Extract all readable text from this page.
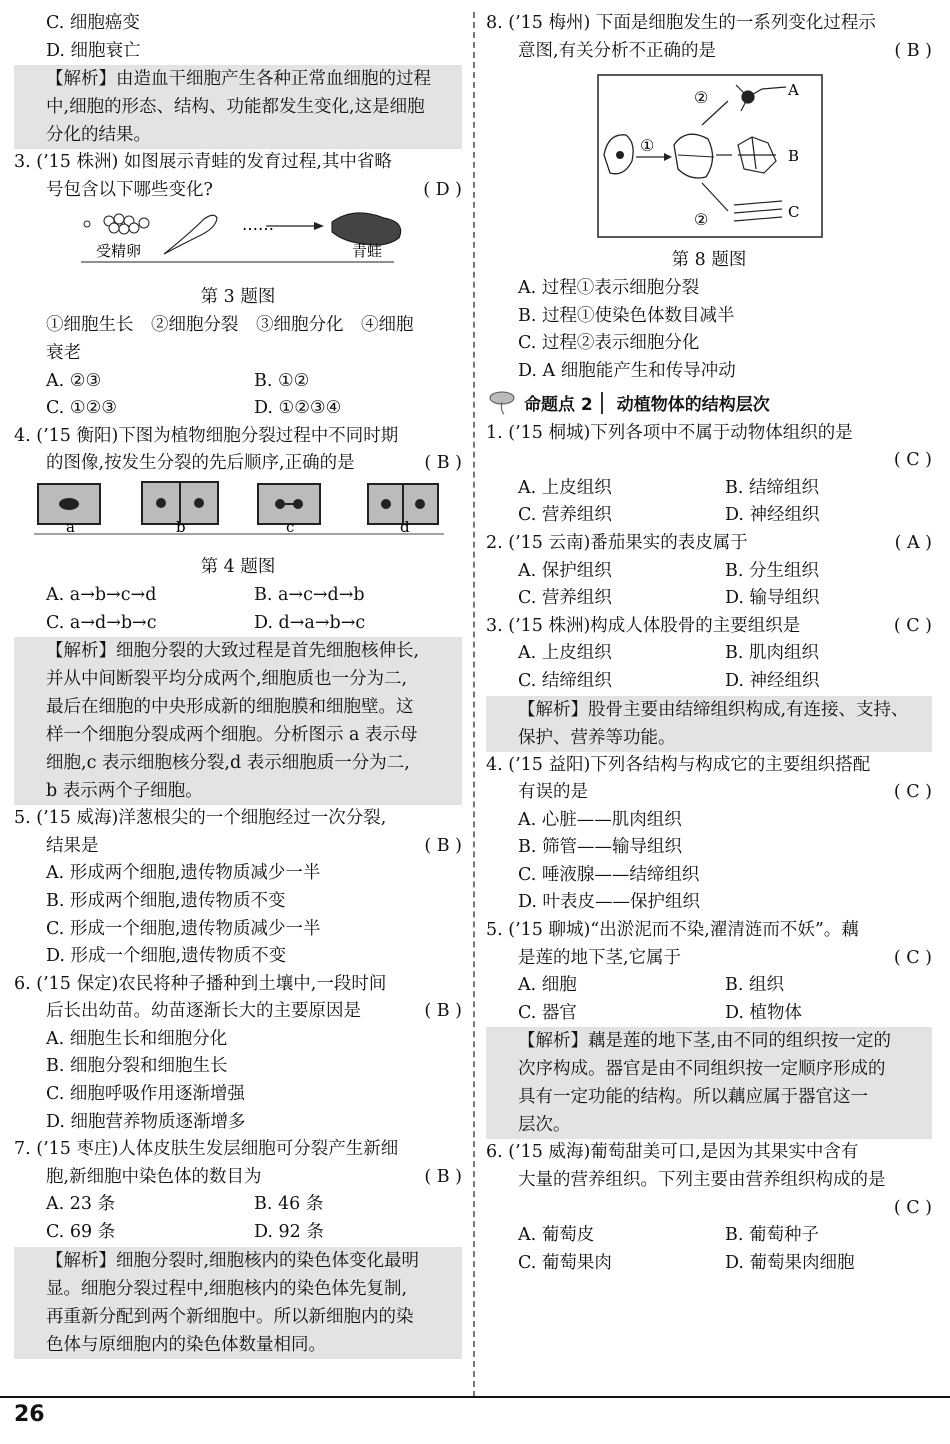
C. 细胞癌变
D. 细胞衰亡
【解析】由造血干细胞产生各种正常血细胞的过程
中,细胞的形态、结构、功能都发生变化,这是细胞
分化的结果。
3. (’15 株洲) 如图展示青蛙的发育过程,其中省略
号包含以下哪些变化?	( D )
……
受精卵	青蛙
第 3 题图
①细胞生长　②细胞分裂　③细胞分化　④细胞
衰老
A. ②③	B. ①②
C. ①②③	D. ①②③④
4. (’15 衡阳)下图为植物细胞分裂过程中不同时期
的图像,按发生分裂的先后顺序,正确的是	( B )
a	b	c	d
第 4 题图
A. a→b→c→d	B. a→c→d→b
C. a→d→b→c	D. d→a→b→c
【解析】细胞分裂的大致过程是首先细胞核伸长,
并从中间断裂平均分成两个,细胞质也一分为二,
最后在细胞的中央形成新的细胞膜和细胞壁。这
样一个细胞分裂成两个细胞。分析图示 a 表示母
细胞,c 表示细胞核分裂,d 表示细胞质一分为二,
b 表示两个子细胞。
5. (’15 威海)洋葱根尖的一个细胞经过一次分裂,
结果是	( B )
A. 形成两个细胞,遗传物质减少一半
B. 形成两个细胞,遗传物质不变
C. 形成一个细胞,遗传物质减少一半
D. 形成一个细胞,遗传物质不变
6. (’15 保定)农民将种子播种到土壤中,一段时间
后长出幼苗。幼苗逐渐长大的主要原因是	( B )
A. 细胞生长和细胞分化
B. 细胞分裂和细胞生长
C. 细胞呼吸作用逐渐增强
D. 细胞营养物质逐渐增多
7. (’15 枣庄)人体皮肤生发层细胞可分裂产生新细
胞,新细胞中染色体的数目为	( B )
A. 23 条	B. 46 条
C. 69 条	D. 92 条
【解析】细胞分裂时,细胞核内的染色体变化最明
显。细胞分裂过程中,细胞核内的染色体先复制,
再重新分配到两个新细胞中。所以新细胞内的染
色体与原细胞内的染色体数量相同。
8. (’15 梅州) 下面是细胞发生的一系列变化过程示
意图,有关分析不正确的是	( B )
①
②	A
B
②	C
第 8 题图
A. 过程①表示细胞分裂
B. 过程①使染色体数目减半
C. 过程②表示细胞分化
D. A 细胞能产生和传导冲动
命题点 2 动植物体的结构层次
1. (’15 桐城)下列各项中不属于动物体组织的是

( C )
A. 上皮组织	B. 结缔组织
C. 营养组织	D. 神经组织
2. (’15 云南)番茄果实的表皮属于	( A )
A. 保护组织	B. 分生组织
C. 营养组织	D. 输导组织
3. (’15 株洲)构成人体股骨的主要组织是	( C )
A. 上皮组织	B. 肌肉组织
C. 结缔组织	D. 神经组织
【解析】股骨主要由结缔组织构成,有连接、支持、
保护、营养等功能。
4. (’15 益阳)下列各结构与构成它的主要组织搭配
有误的是	( C )
A. 心脏——肌肉组织
B. 筛管——输导组织
C. 唾液腺——结缔组织
D. 叶表皮——保护组织
5. (’15 聊城)“出淤泥而不染,濯清涟而不妖”。藕
是莲的地下茎,它属于	( C )
A. 细胞	B. 组织
C. 器官	D. 植物体
【解析】藕是莲的地下茎,由不同的组织按一定的
次序构成。器官是由不同组织按一定顺序形成的
具有一定功能的结构。所以藕应属于器官这一
层次。
6. (’15 威海)葡萄甜美可口,是因为其果实中含有
大量的营养组织。下列主要由营养组织构成的是

( C )
A. 葡萄皮	B. 葡萄种子
C. 葡萄果肉	D. 葡萄果肉细胞
26
